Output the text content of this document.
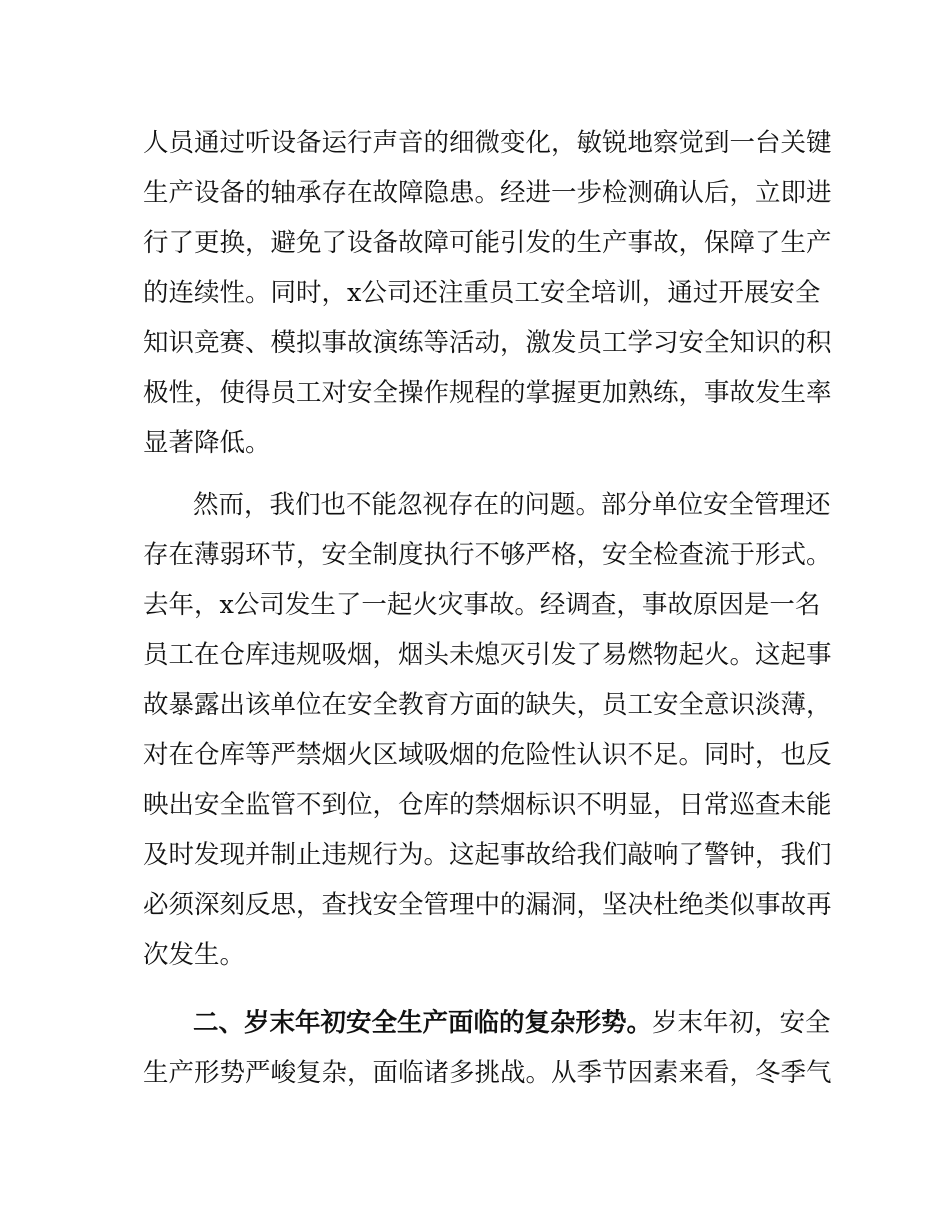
人员通过听设备运行声音的细微变化，敏锐地察觉到一台关键
生产设备的轴承存在故障隐患。经进一步检测确认后，立即进
行了更换，避免了设备故障可能引发的生产事故，保障了生产
的连续性。同时，x公司还注重员工安全培训，通过开展安全
知识竞赛、模拟事故演练等活动，激发员工学习安全知识的积
极性，使得员工对安全操作规程的掌握更加熟练，事故发生率
显著降低。
然而，我们也不能忽视存在的问题。部分单位安全管理还
存在薄弱环节，安全制度执行不够严格，安全检查流于形式。
去年，x公司发生了一起火灾事故。经调查，事故原因是一名
员工在仓库违规吸烟，烟头未熄灭引发了易燃物起火。这起事
故暴露出该单位在安全教育方面的缺失，员工安全意识淡薄，
对在仓库等严禁烟火区域吸烟的危险性认识不足。同时，也反
映出安全监管不到位，仓库的禁烟标识不明显，日常巡查未能
及时发现并制止违规行为。这起事故给我们敲响了警钟，我们
必须深刻反思，查找安全管理中的漏洞，坚决杜绝类似事故再
次发生。
二、岁末年初安全生产面临的复杂形势。岁末年初，安全
生产形势严峻复杂，面临诸多挑战。从季节因素来看，冬季气
